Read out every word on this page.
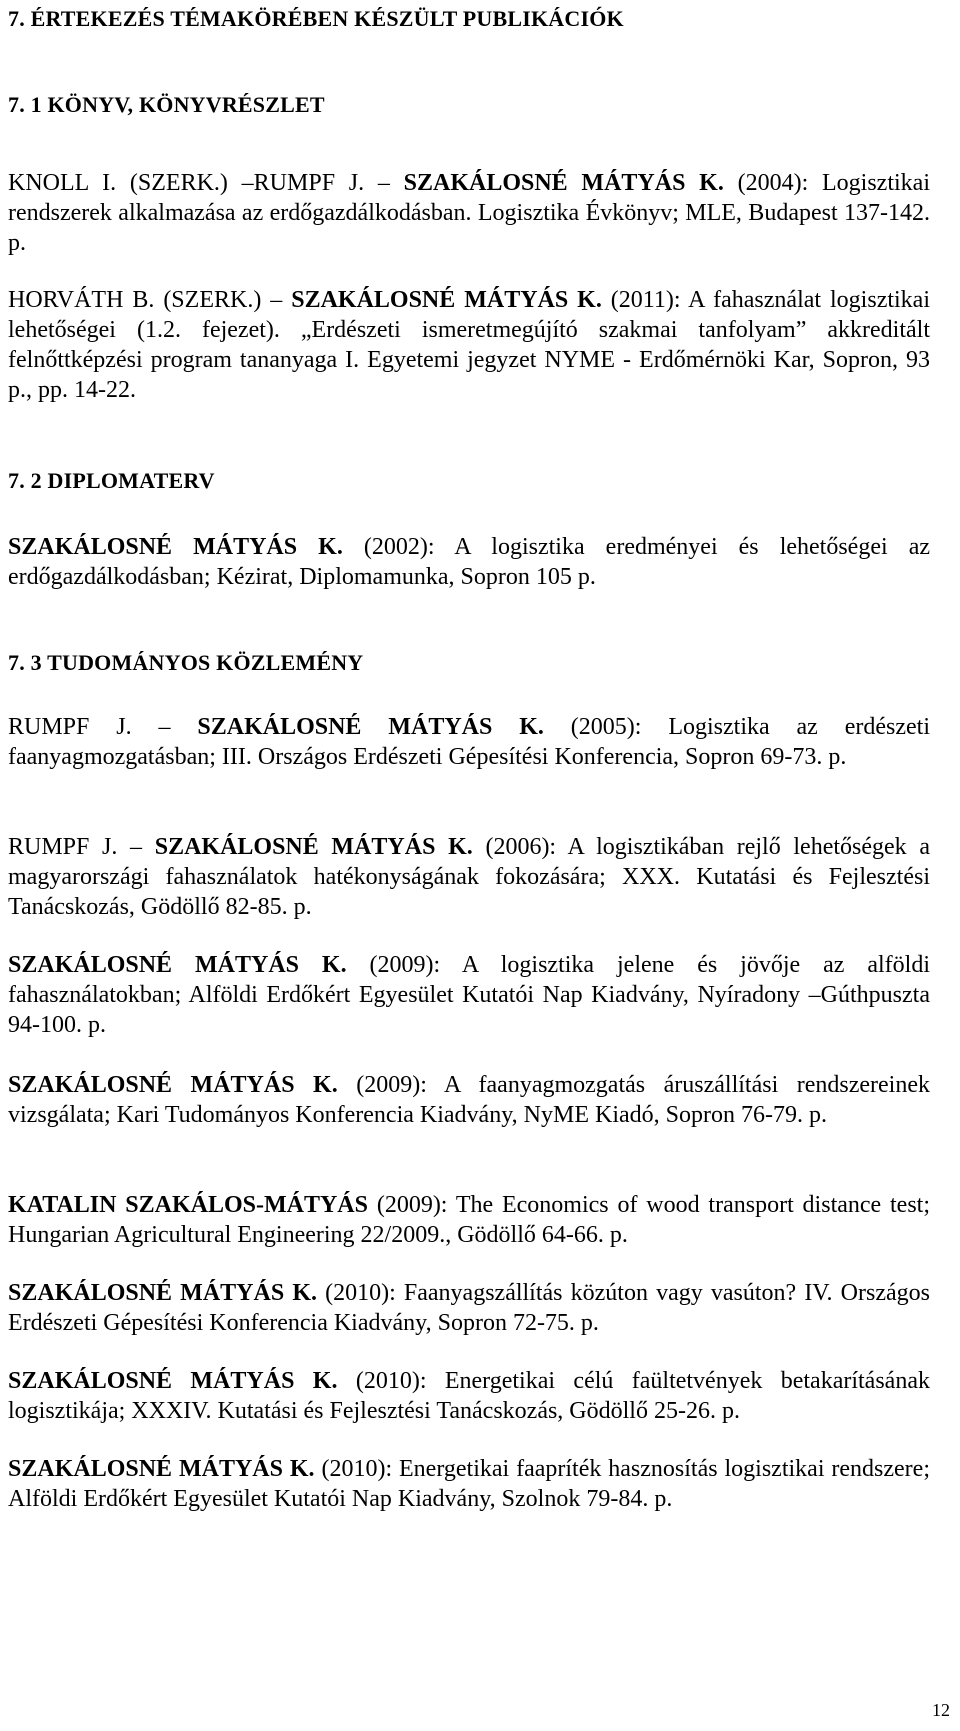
7. ÉRTEKEZÉS TÉMAKÖRÉBEN KÉSZÜLT PUBLIKÁCIÓK
7. 1 KÖNYV, KÖNYVRÉSZLET
KNOLL I. (SZERK.) –RUMPF J. – SZAKÁLOSNÉ MÁTYÁS K. (2004): Logisztikai rendszerek alkalmazása az erdőgazdálkodásban. Logisztika Évkönyv; MLE, Budapest 137-142. p.
HORVÁTH B. (SZERK.) – SZAKÁLOSNÉ MÁTYÁS K. (2011): A fahasználat logisztikai lehetőségei (1.2. fejezet). „Erdészeti ismeretmegújító szakmai tanfolyam” akkreditált felnőttképzési program tananyaga I. Egyetemi jegyzet NYME - Erdőmérnöki Kar, Sopron, 93 p., pp. 14-22.
7. 2 DIPLOMATERV
SZAKÁLOSNÉ MÁTYÁS K. (2002): A logisztika eredményei és lehetőségei az erdőgazdálkodásban; Kézirat, Diplomamunka, Sopron 105 p.
7. 3 TUDOMÁNYOS KÖZLEMÉNY
RUMPF J. – SZAKÁLOSNÉ MÁTYÁS K. (2005): Logisztika az erdészeti faanyagmozgatásban; III. Országos Erdészeti Gépesítési Konferencia, Sopron 69-73. p.
RUMPF J. – SZAKÁLOSNÉ MÁTYÁS K. (2006): A logisztikában rejlő lehetőségek a magyarországi fahasználatok hatékonyságának fokozására; XXX. Kutatási és Fejlesztési Tanácskozás, Gödöllő 82-85. p.
SZAKÁLOSNÉ MÁTYÁS K. (2009): A logisztika jelene és jövője az alföldi fahasználatokban; Alföldi Erdőkért Egyesület Kutatói Nap Kiadvány, Nyíradony –Gúthpuszta 94-100. p.
SZAKÁLOSNÉ MÁTYÁS K. (2009): A faanyagmozgatás áruszállítási rendszereinek vizsgálata; Kari Tudományos Konferencia Kiadvány, NyME Kiadó, Sopron 76-79. p.
KATALIN SZAKÁLOS-MÁTYÁS (2009): The Economics of wood transport distance test; Hungarian Agricultural Engineering 22/2009., Gödöllő 64-66. p.
SZAKÁLOSNÉ MÁTYÁS K. (2010): Faanyagszállítás közúton vagy vasúton? IV. Országos Erdészeti Gépesítési Konferencia Kiadvány, Sopron 72-75. p.
SZAKÁLOSNÉ MÁTYÁS K. (2010): Energetikai célú faültetvények betakarításának logisztikája; XXXIV. Kutatási és Fejlesztési Tanácskozás, Gödöllő 25-26. p.
SZAKÁLOSNÉ MÁTYÁS K. (2010): Energetikai faapríték hasznosítás logisztikai rendszere; Alföldi Erdőkért Egyesület Kutatói Nap Kiadvány, Szolnok 79-84. p.
12
